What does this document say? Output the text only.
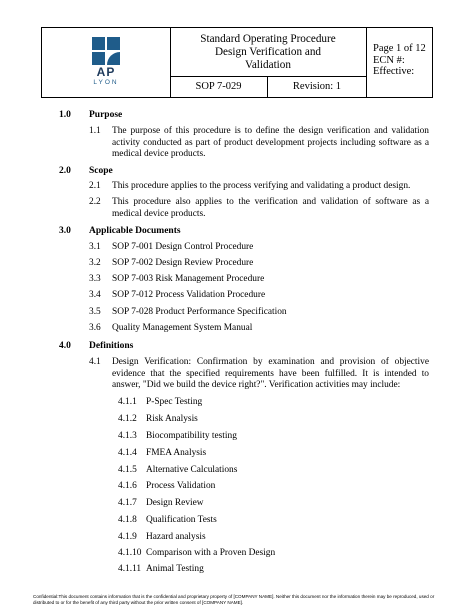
AP
LYON
Standard Operating Procedure
Design Verification and
Validation
SOP 7-029	Revision: 1
Page 1 of 12
ECN #:
Effective:
1.0 Purpose
1.1 The purpose of this procedure is to define the design verification and validation activity conducted as part of product development projects including software as a medical device products.
2.0 Scope
2.1 This procedure applies to the process verifying and validating a product design.
2.2 This procedure also applies to the verification and validation of software as a medical device products.
3.0 Applicable Documents
3.1 SOP 7-001 Design Control Procedure
3.2 SOP 7-002 Design Review Procedure
3.3 SOP 7-003 Risk Management Procedure
3.4 SOP 7-012 Process Validation Procedure
3.5 SOP 7-028 Product Performance Specification
3.6 Quality Management System Manual
4.0 Definitions
4.1 Design Verification: Confirmation by examination and provision of objective evidence that the specified requirements have been fulfilled. It is intended to answer, "Did we build the device right?". Verification activities may include:
4.1.1 P-Spec Testing
4.1.2 Risk Analysis
4.1.3 Biocompatibility testing
4.1.4 FMEA Analysis
4.1.5 Alternative Calculations
4.1.6 Process Validation
4.1.7 Design Review
4.1.8 Qualification Tests
4.1.9 Hazard analysis
4.1.10 Comparison with a Proven Design
4.1.11 Animal Testing
Confidential:This document contains information that is the confidential and proprietary property of [COMPANY NAME]. Neither this document nor the information therein may be reproduced, used or distributed to or for the benefit of any third party without the prior written consent of [COMPANY NAME].
